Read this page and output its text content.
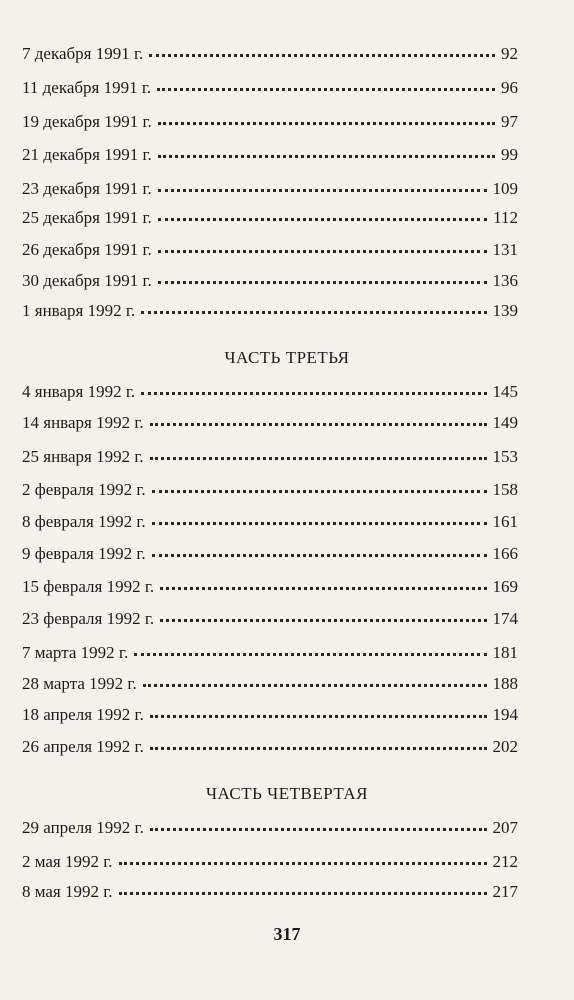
7 декабря 1991 г.	92
11 декабря 1991 г.	96
19 декабря 1991 г.	97
21 декабря 1991 г.	99
23 декабря 1991 г.	109
25 декабря 1991 г.	112
26 декабря 1991 г.	131
30 декабря 1991 г.	136
1 января 1992 г.	139
ЧАСТЬ ТРЕТЬЯ
4 января 1992 г.	145
14 января 1992 г.	149
25 января 1992 г.	153
2 февраля 1992 г.	158
8 февраля 1992 г.	161
9 февраля 1992 г.	166
15 февраля 1992 г.	169
23 февраля 1992 г.	174
7 марта 1992 г.	181
28 марта 1992 г.	188
18 апреля 1992 г.	194
26 апреля 1992 г.	202
ЧАСТЬ ЧЕТВЕРТАЯ
29 апреля 1992 г.	207
2 мая 1992 г.	212
8 мая 1992 г.	217
317
